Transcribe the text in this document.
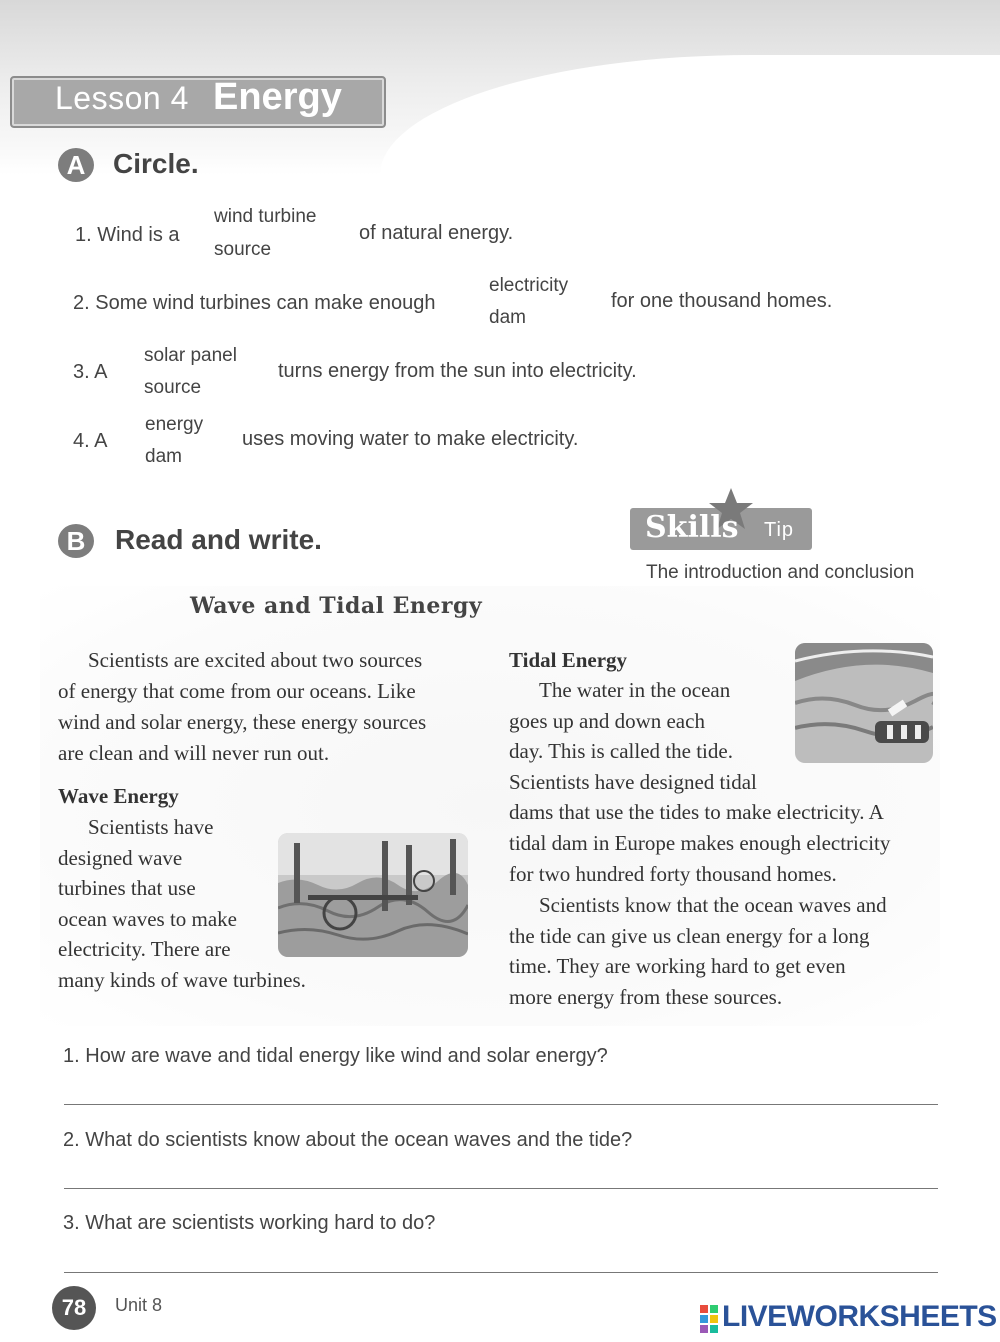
Lesson 4 Energy
A Circle.
1. Wind is a
wind turbine
source
of natural energy.
2. Some wind turbines can make enough
electricity
dam
for one thousand homes.
3. A
solar panel
source
turns energy from the sun into electricity.
4. A
energy
dam
uses moving water to make electricity.
B	Read and write.	Skills Tip
The introduction and conclusion
Wave and Tidal Energy
Scientists are excited about two sources
of energy that come from our oceans. Like
wind and solar energy, these energy sources
are clean and will never run out.
Wave Energy
Scientists have
designed wave
turbines that use
ocean waves to make
electricity. There are
many kinds of wave turbines.
Tidal Energy
The water in the ocean
goes up and down each
day. This is called the tide.
Scientists have designed tidal
dams that use the tides to make electricity. A
tidal dam in Europe makes enough electricity
for two hundred forty thousand homes.
Scientists know that the ocean waves and
the tide can give us clean energy for a long
time. They are working hard to get even
more energy from these sources.
1. How are wave and tidal energy like wind and solar energy?
2. What do scientists know about the ocean waves and the tide?
3. What are scientists working hard to do?
78	Unit 8	LIVEWORKSHEETS
